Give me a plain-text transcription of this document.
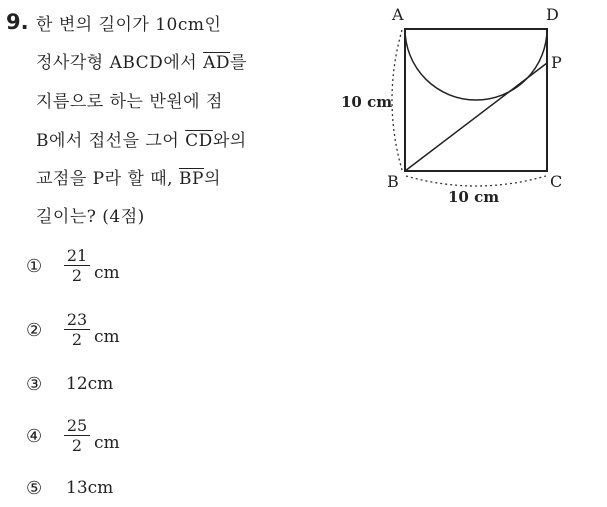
9. 한 변의 길이가 10cm인
정사각형 ABCD에서 $\overline{AD}$를
지름으로 하는 반원에 점
B에서 접선을 그어 $\overline{CD}$와의
교점을 P라 할 때, $\overline{BP}$의
길이는? (4점)
① $\frac{21}{2}$ cm
② $\frac{23}{2}$ cm
③ 12cm
④ $\frac{25}{2}$ cm
⑤ 13cm
A	D
P
B	C
10 cm
10 cm
